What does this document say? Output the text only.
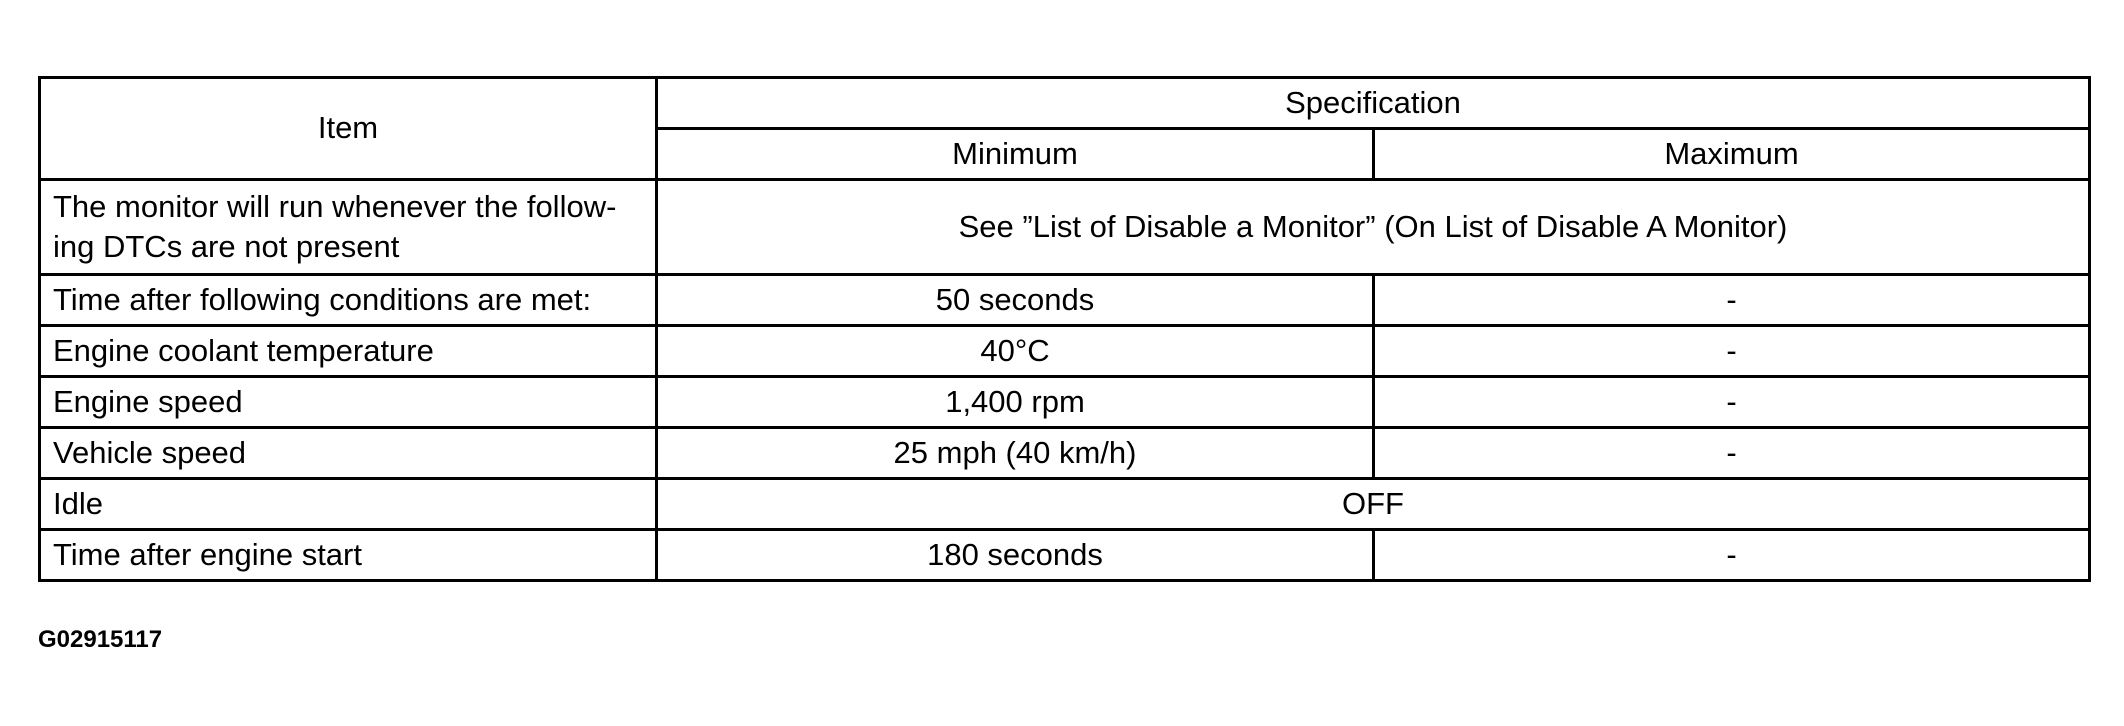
Item	Specification	
	Minimum	Maximum
The monitor will run whenever the follow-
ing DTCs are not present	See ”List of Disable a Monitor” (On List of Disable A Monitor)	
Time after following conditions are met:	50 seconds	-
Engine coolant temperature	40°C	-
Engine speed	1,400 rpm	-
Vehicle speed	25 mph (40 km/h)	-
Idle	OFF	
Time after engine start	180 seconds	-
G02915117
